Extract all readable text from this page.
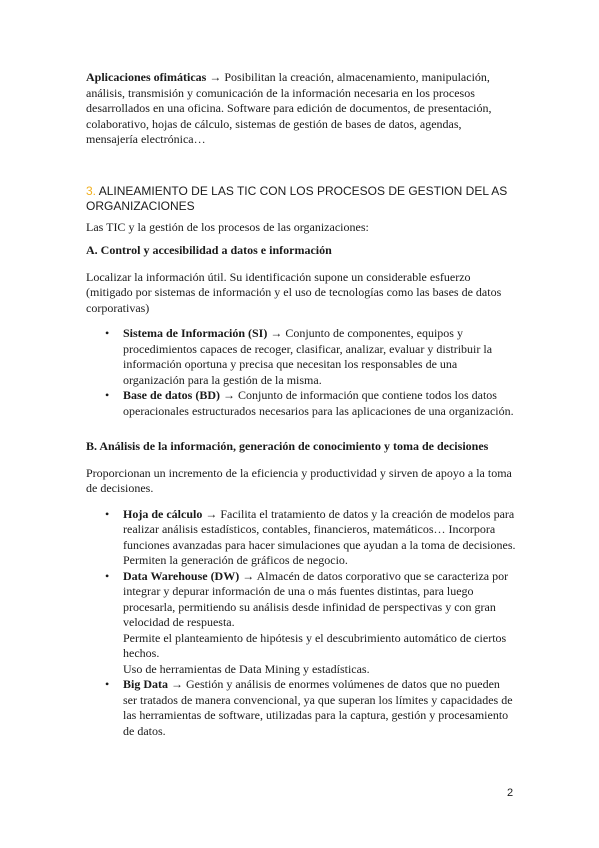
Aplicaciones ofimáticas → Posibilitan la creación, almacenamiento, manipulación, análisis, transmisión y comunicación de la información necesaria en los procesos desarrollados en una oficina. Software para edición de documentos, de presentación, colaborativo, hojas de cálculo, sistemas de gestión de bases de datos, agendas, mensajería electrónica…

3. ALINEAMIENTO DE LAS TIC CON LOS PROCESOS DE GESTION DEL AS ORGANIZACIONES

Las TIC y la gestión de los procesos de las organizaciones:

A. Control y accesibilidad a datos e información

Localizar la información útil. Su identificación supone un considerable esfuerzo (mitigado por sistemas de información y el uso de tecnologías como las bases de datos corporativas)

• Sistema de Información (SI) → Conjunto de componentes, equipos y procedimientos capaces de recoger, clasificar, analizar, evaluar y distribuir la información oportuna y precisa que necesitan los responsables de una organización para la gestión de la misma.
• Base de datos (BD) → Conjunto de información que contiene todos los datos operacionales estructurados necesarios para las aplicaciones de una organización.

B. Análisis de la información, generación de conocimiento y toma de decisiones

Proporcionan un incremento de la eficiencia y productividad y sirven de apoyo a la toma de decisiones.

• Hoja de cálculo → Facilita el tratamiento de datos y la creación de modelos para realizar análisis estadísticos, contables, financieros, matemáticos… Incorpora funciones avanzadas para hacer simulaciones que ayudan a la toma de decisiones. Permiten la generación de gráficos de negocio.
• Data Warehouse (DW) → Almacén de datos corporativo que se caracteriza por integrar y depurar información de una o más fuentes distintas, para luego procesarla, permitiendo su análisis desde infinidad de perspectivas y con gran velocidad de respuesta.
Permite el planteamiento de hipótesis y el descubrimiento automático de ciertos hechos.
Uso de herramientas de Data Mining y estadísticas.
• Big Data → Gestión y análisis de enormes volúmenes de datos que no pueden ser tratados de manera convencional, ya que superan los límites y capacidades de las herramientas de software, utilizadas para la captura, gestión y procesamiento de datos.
2
